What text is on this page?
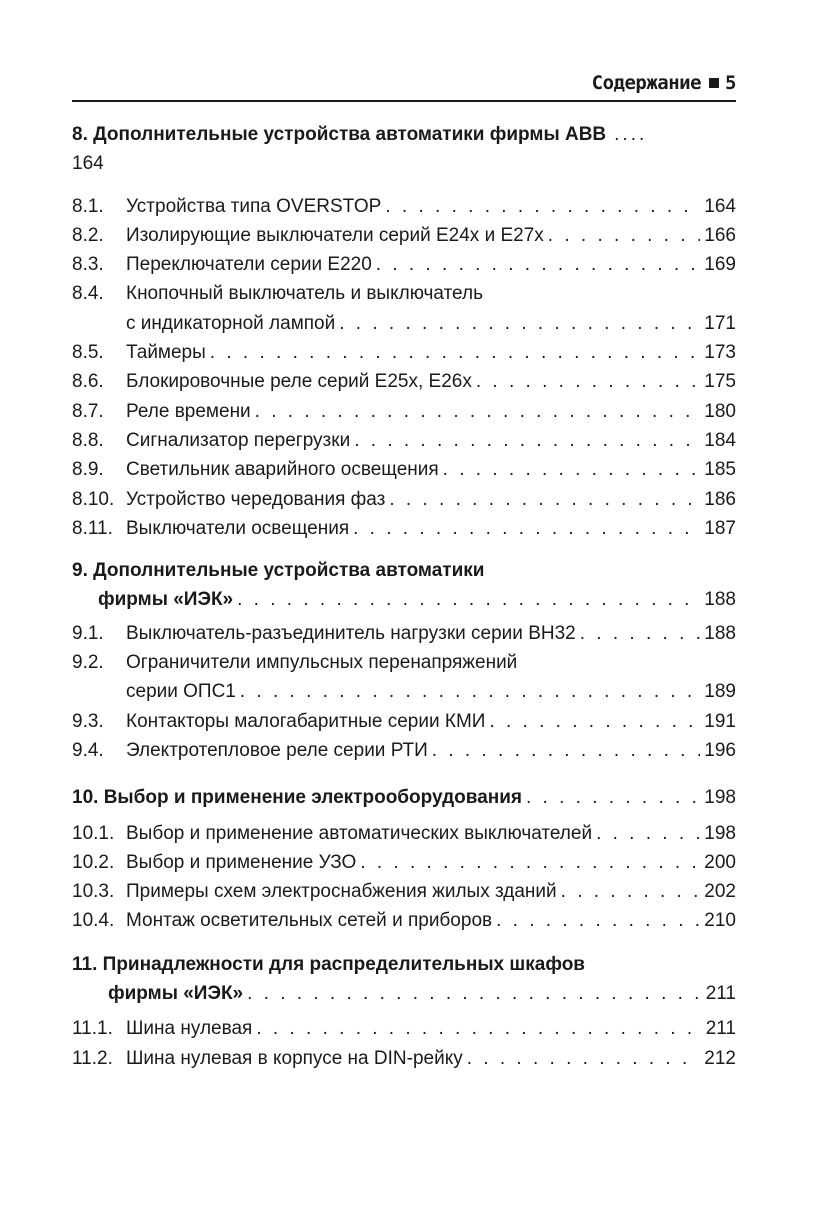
Содержание 5
8. Дополнительные устройства автоматики фирмы ABB ....
164
8.1.	Устройства типа OVERSTOP . . .	164
8.2.	Изолирующие выключатели серий E24x и E27x . . .	166
8.3.	Переключатели серии E220 . . .	169
8.4.	Кнопочный выключатель и выключатель
с индикаторной лампой . . .	171
8.5.	Таймеры . . .	173
8.6.	Блокировочные реле серий E25x, E26x . . .	175
8.7.	Реле времени . . .	180
8.8.	Сигнализатор перегрузки . . .	184
8.9.	Светильник аварийного освещения . . .	185
8.10. Устройство чередования фаз . . .	186
8.11. Выключатели освещения . . .	187
9. Дополнительные устройства автоматики
фирмы «ИЭК» . . .	188
9.1.	Выключатель-разъединитель нагрузки серии ВН32 . . .	188
9.2.	Ограничители импульсных перенапряжений
серии ОПС1 . . .	189
9.3.	Контакторы малогабаритные серии КМИ . . .	191
9.4.	Электротепловое реле серии РТИ . . .	196
10. Выбор и применение электрооборудования . . .	198
10.1. Выбор и применение автоматических выключателей . . .	198
10.2. Выбор и применение УЗО . . .	200
10.3. Примеры схем электроснабжения жилых зданий . . .	202
10.4. Монтаж осветительных сетей и приборов . . .	210
11. Принадлежности для распределительных шкафов
фирмы «ИЭК» . . .	211
11.1. Шина нулевая . . .	211
11.2. Шина нулевая в корпусе на DIN-рейку . . .	212
